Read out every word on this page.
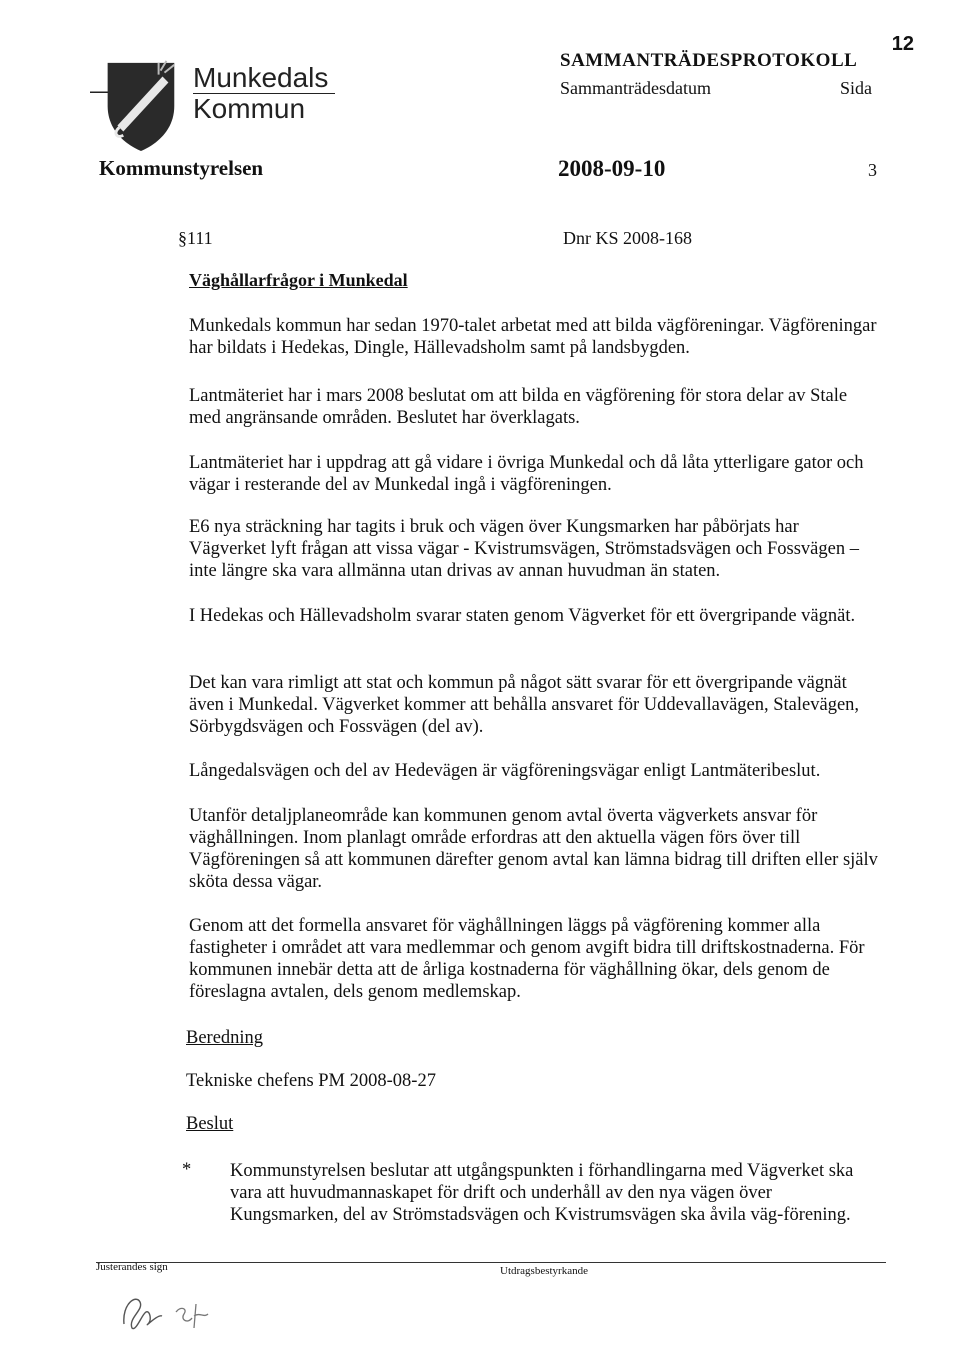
12
Munkedals
Kommun
SAMMANTRÄDESPROTOKOLL
Sammanträdesdatum	Sida
Kommunstyrelsen	2008-09-10	3
§111	Dnr KS 2008-168
Väghållarfrågor i Munkedal

Munkedals kommun har sedan 1970-talet arbetat med att bilda vägföreningar. Vägföreningar har bildats i Hedekas, Dingle, Hällevadsholm samt på landsbygden.

Lantmäteriet har i mars 2008 beslutat om att bilda en vägförening för stora delar av Stale med angränsande områden. Beslutet har överklagats.

Lantmäteriet har i uppdrag att gå vidare i övriga Munkedal och då låta ytterligare gator och vägar i resterande del av Munkedal ingå i vägföreningen.

E6 nya sträckning har tagits i bruk och vägen över Kungsmarken har påbörjats har Vägverket lyft frågan att vissa vägar - Kvistrumsvägen, Strömstadsvägen och Fossvägen – inte längre ska vara allmänna utan drivas av annan huvudman än staten.

I Hedekas och Hällevadsholm svarar staten genom Vägverket för ett övergripande vägnät.

Det kan vara rimligt att stat och kommun på något sätt svarar för ett övergripande vägnät även i Munkedal. Vägverket kommer att behålla ansvaret för Uddevallavägen, Stalevägen, Sörbygdsvägen och Fossvägen (del av).

Långedalsvägen och del av Hedevägen är vägföreningsvägar enligt Lantmäteribeslut.

Utanför detaljplaneområde kan kommunen genom avtal överta vägverkets ansvar för väghållningen. Inom planlagt område erfordras att den aktuella vägen förs över till Vägföreningen så att kommunen därefter genom avtal kan lämna bidrag till driften eller själv sköta dessa vägar.

Genom att det formella ansvaret för väghållningen läggs på vägförening kommer alla fastigheter i området att vara medlemmar och genom avgift bidra till driftskostnaderna. För kommunen innebär detta att de årliga kostnaderna för väghållning ökar, dels genom de föreslagna avtalen, dels genom medlemskap.

Beredning
Tekniske chefens PM 2008-08-27
Beslut
* Kommunstyrelsen beslutar att utgångspunkten i förhandlingarna med Vägverket ska vara att huvudmannaskapet för drift och underhåll av den nya vägen över Kungsmarken, del av Strömstadsvägen och Kvistrumsvägen ska åvila väg-förening.
Justerandes sign	Utdragsbestyrkande
